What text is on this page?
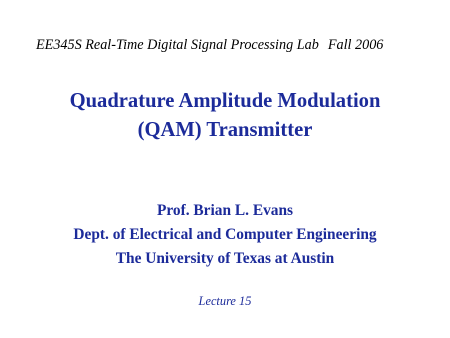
EE345S Real-Time Digital Signal Processing Lab Fall 2006
Quadrature Amplitude Modulation
(QAM) Transmitter
Prof. Brian L. Evans
Dept. of Electrical and Computer Engineering
The University of Texas at Austin
Lecture 15
